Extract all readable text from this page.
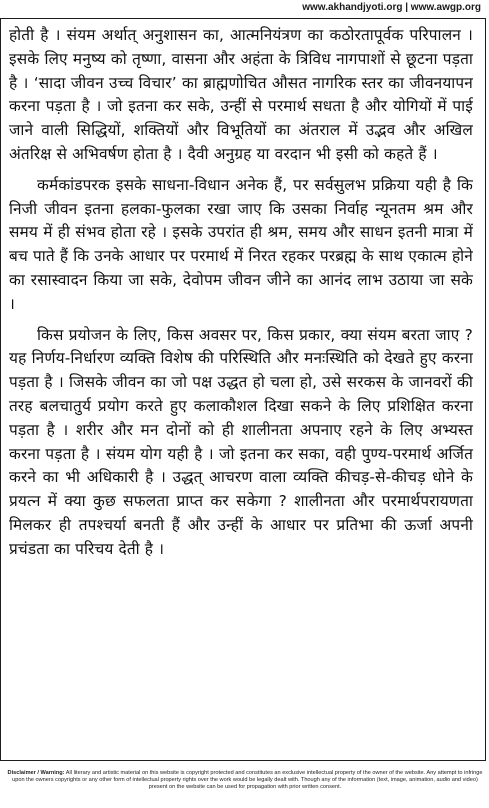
www.akhandjyoti.org | www.awgp.org

होती है । संयम अर्थात् अनुशासन का, आत्मनियंत्रण का कठोरतापूर्वक परिपालन । इसके लिए मनुष्य को तृष्णा, वासना और अहंता के त्रिविध नागपाशों से छूटना पड़ता है । ‘सादा जीवन उच्च विचार’ का ब्राह्मणोचित औसत नागरिक स्तर का जीवनयापन करना पड़ता है । जो इतना कर सके, उन्हीं से परमार्थ सधता है और योगियों में पाई जाने वाली सिद्धियों, शक्तियों और विभूतियों का अंतराल में उद्भव और अखिल अंतरिक्ष से अभिवर्षण होता है । दैवी अनुग्रह या वरदान भी इसी को कहते हैं ।

कर्मकांडपरक इसके साधना-विधान अनेक हैं, पर सर्वसुलभ प्रक्रिया यही है कि निजी जीवन इतना हलका-फुलका रखा जाए कि उसका निर्वाह न्यूनतम श्रम और समय में ही संभव होता रहे । इसके उपरांत ही श्रम, समय और साधन इतनी मात्रा में बच पाते हैं कि उनके आधार पर परमार्थ में निरत रहकर परब्रह्म के साथ एकात्म होने का रसास्वादन किया जा सके, देवोपम जीवन जीने का आनंद लाभ उठाया जा सके ।

किस प्रयोजन के लिए, किस अवसर पर, किस प्रकार, क्या संयम बरता जाए ? यह निर्णय-निर्धारण व्यक्ति विशेष की परिस्थिति और मनःस्थिति को देखते हुए करना पड़ता है । जिसके जीवन का जो पक्ष उद्धत हो चला हो, उसे सरकस के जानवरों की तरह बलचातुर्य प्रयोग करते हुए कलाकौशल दिखा सकने के लिए प्रशिक्षित करना पड़ता है । शरीर और मन दोनों को ही शालीनता अपनाए रहने के लिए अभ्यस्त करना पड़ता है । संयम योग यही है । जो इतना कर सका, वही पुण्य-परमार्थ अर्जित करने का भी अधिकारी है । उद्धत् आचरण वाला व्यक्ति कीचड़-से-कीचड़ धोने के प्रयत्न में क्या कुछ सफलता प्राप्त कर सकेगा ? शालीनता और परमार्थपरायणता मिलकर ही तपश्चर्या बनती हैं और उन्हीं के आधार पर प्रतिभा की ऊर्जा अपनी प्रचंडता का परिचय देती है ।

Disclaimer / Warning: All literary and artistic material on this website is copyright protected and constitutes an exclusive intellectual property of the owner of the website. Any attempt to infringe upon the owners copyrights or any other form of intellectual property rights over the work would be legally dealt with. Though any of the information (text, image, animation, audio and video) present on the website can be used for propagation with prior written consent.
